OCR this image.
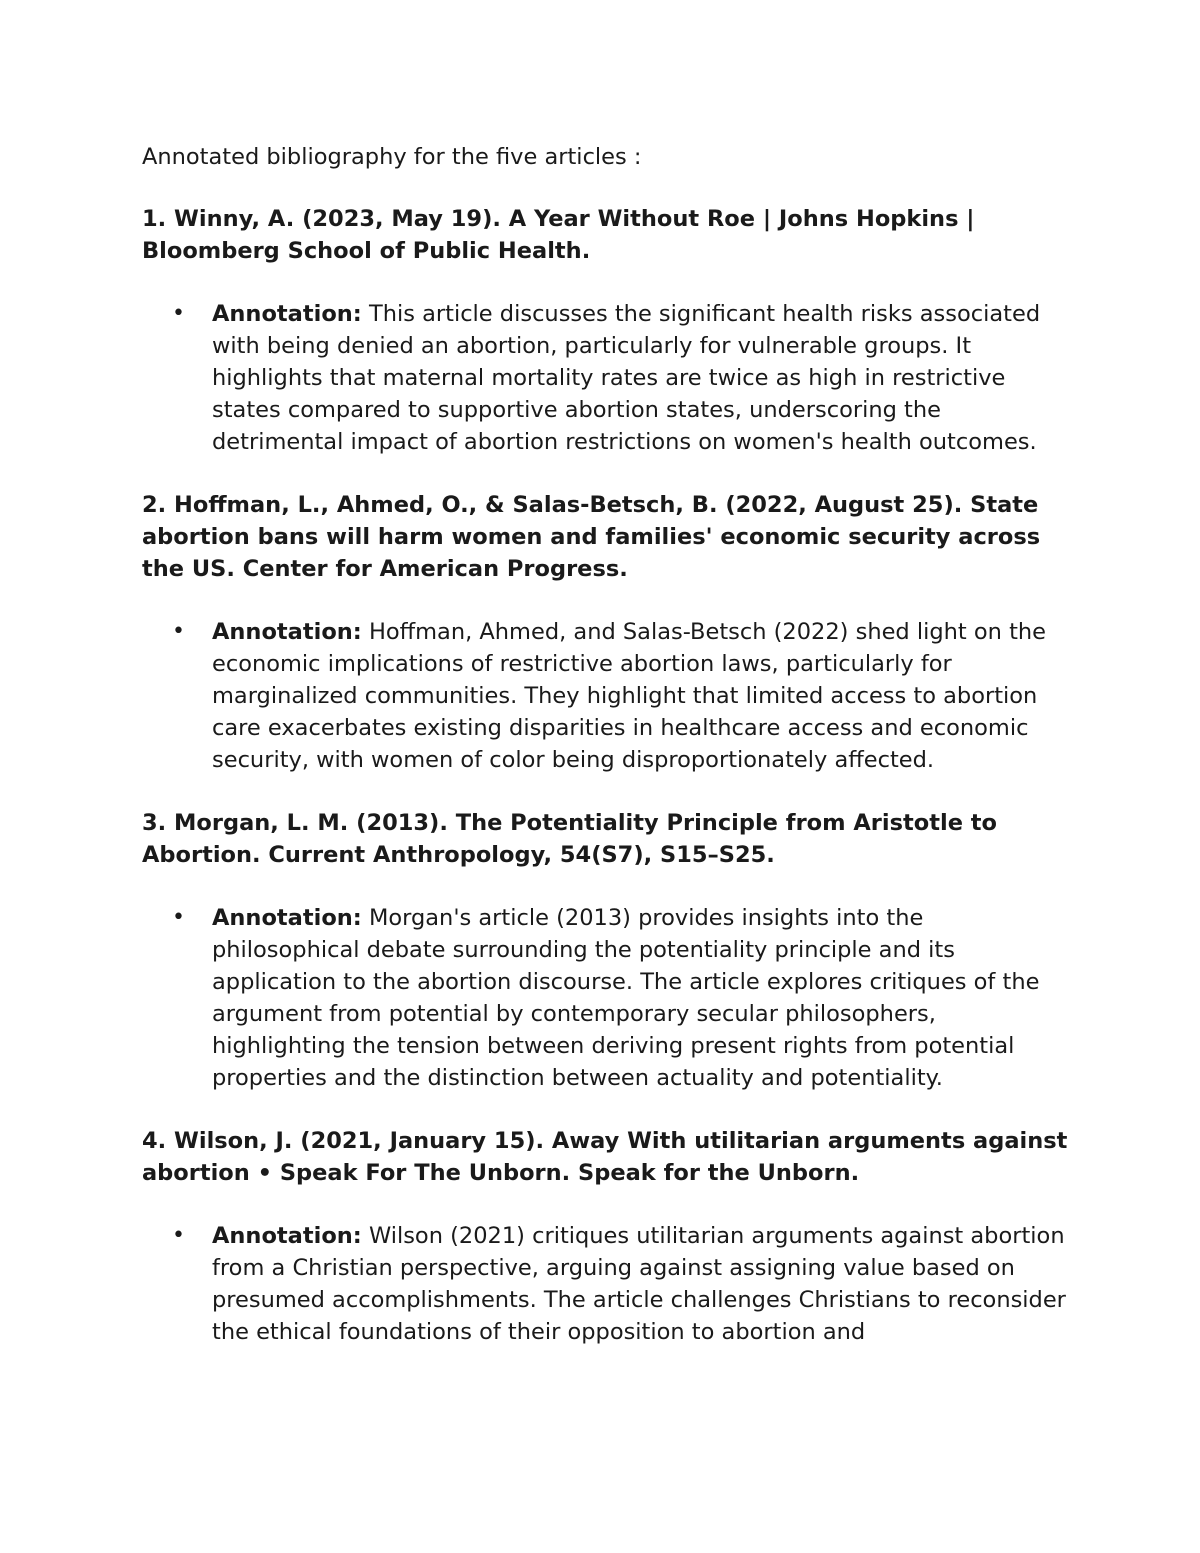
Annotated bibliography for the five articles :

1. Winny, A. (2023, May 19). A Year Without Roe | Johns Hopkins | Bloomberg School of Public Health.

• Annotation: This article discusses the significant health risks associated with being denied an abortion, particularly for vulnerable groups. It highlights that maternal mortality rates are twice as high in restrictive states compared to supportive abortion states, underscoring the detrimental impact of abortion restrictions on women's health outcomes.

2. Hoffman, L., Ahmed, O., & Salas-Betsch, B. (2022, August 25). State abortion bans will harm women and families' economic security across the US. Center for American Progress.

• Annotation: Hoffman, Ahmed, and Salas-Betsch (2022) shed light on the economic implications of restrictive abortion laws, particularly for marginalized communities. They highlight that limited access to abortion care exacerbates existing disparities in healthcare access and economic security, with women of color being disproportionately affected.

3. Morgan, L. M. (2013). The Potentiality Principle from Aristotle to Abortion. Current Anthropology, 54(S7), S15–S25.

• Annotation: Morgan's article (2013) provides insights into the philosophical debate surrounding the potentiality principle and its application to the abortion discourse. The article explores critiques of the argument from potential by contemporary secular philosophers, highlighting the tension between deriving present rights from potential properties and the distinction between actuality and potentiality.

4. Wilson, J. (2021, January 15). Away With utilitarian arguments against abortion • Speak For The Unborn. Speak for the Unborn.

• Annotation: Wilson (2021) critiques utilitarian arguments against abortion from a Christian perspective, arguing against assigning value based on presumed accomplishments. The article challenges Christians to reconsider the ethical foundations of their opposition to abortion and
